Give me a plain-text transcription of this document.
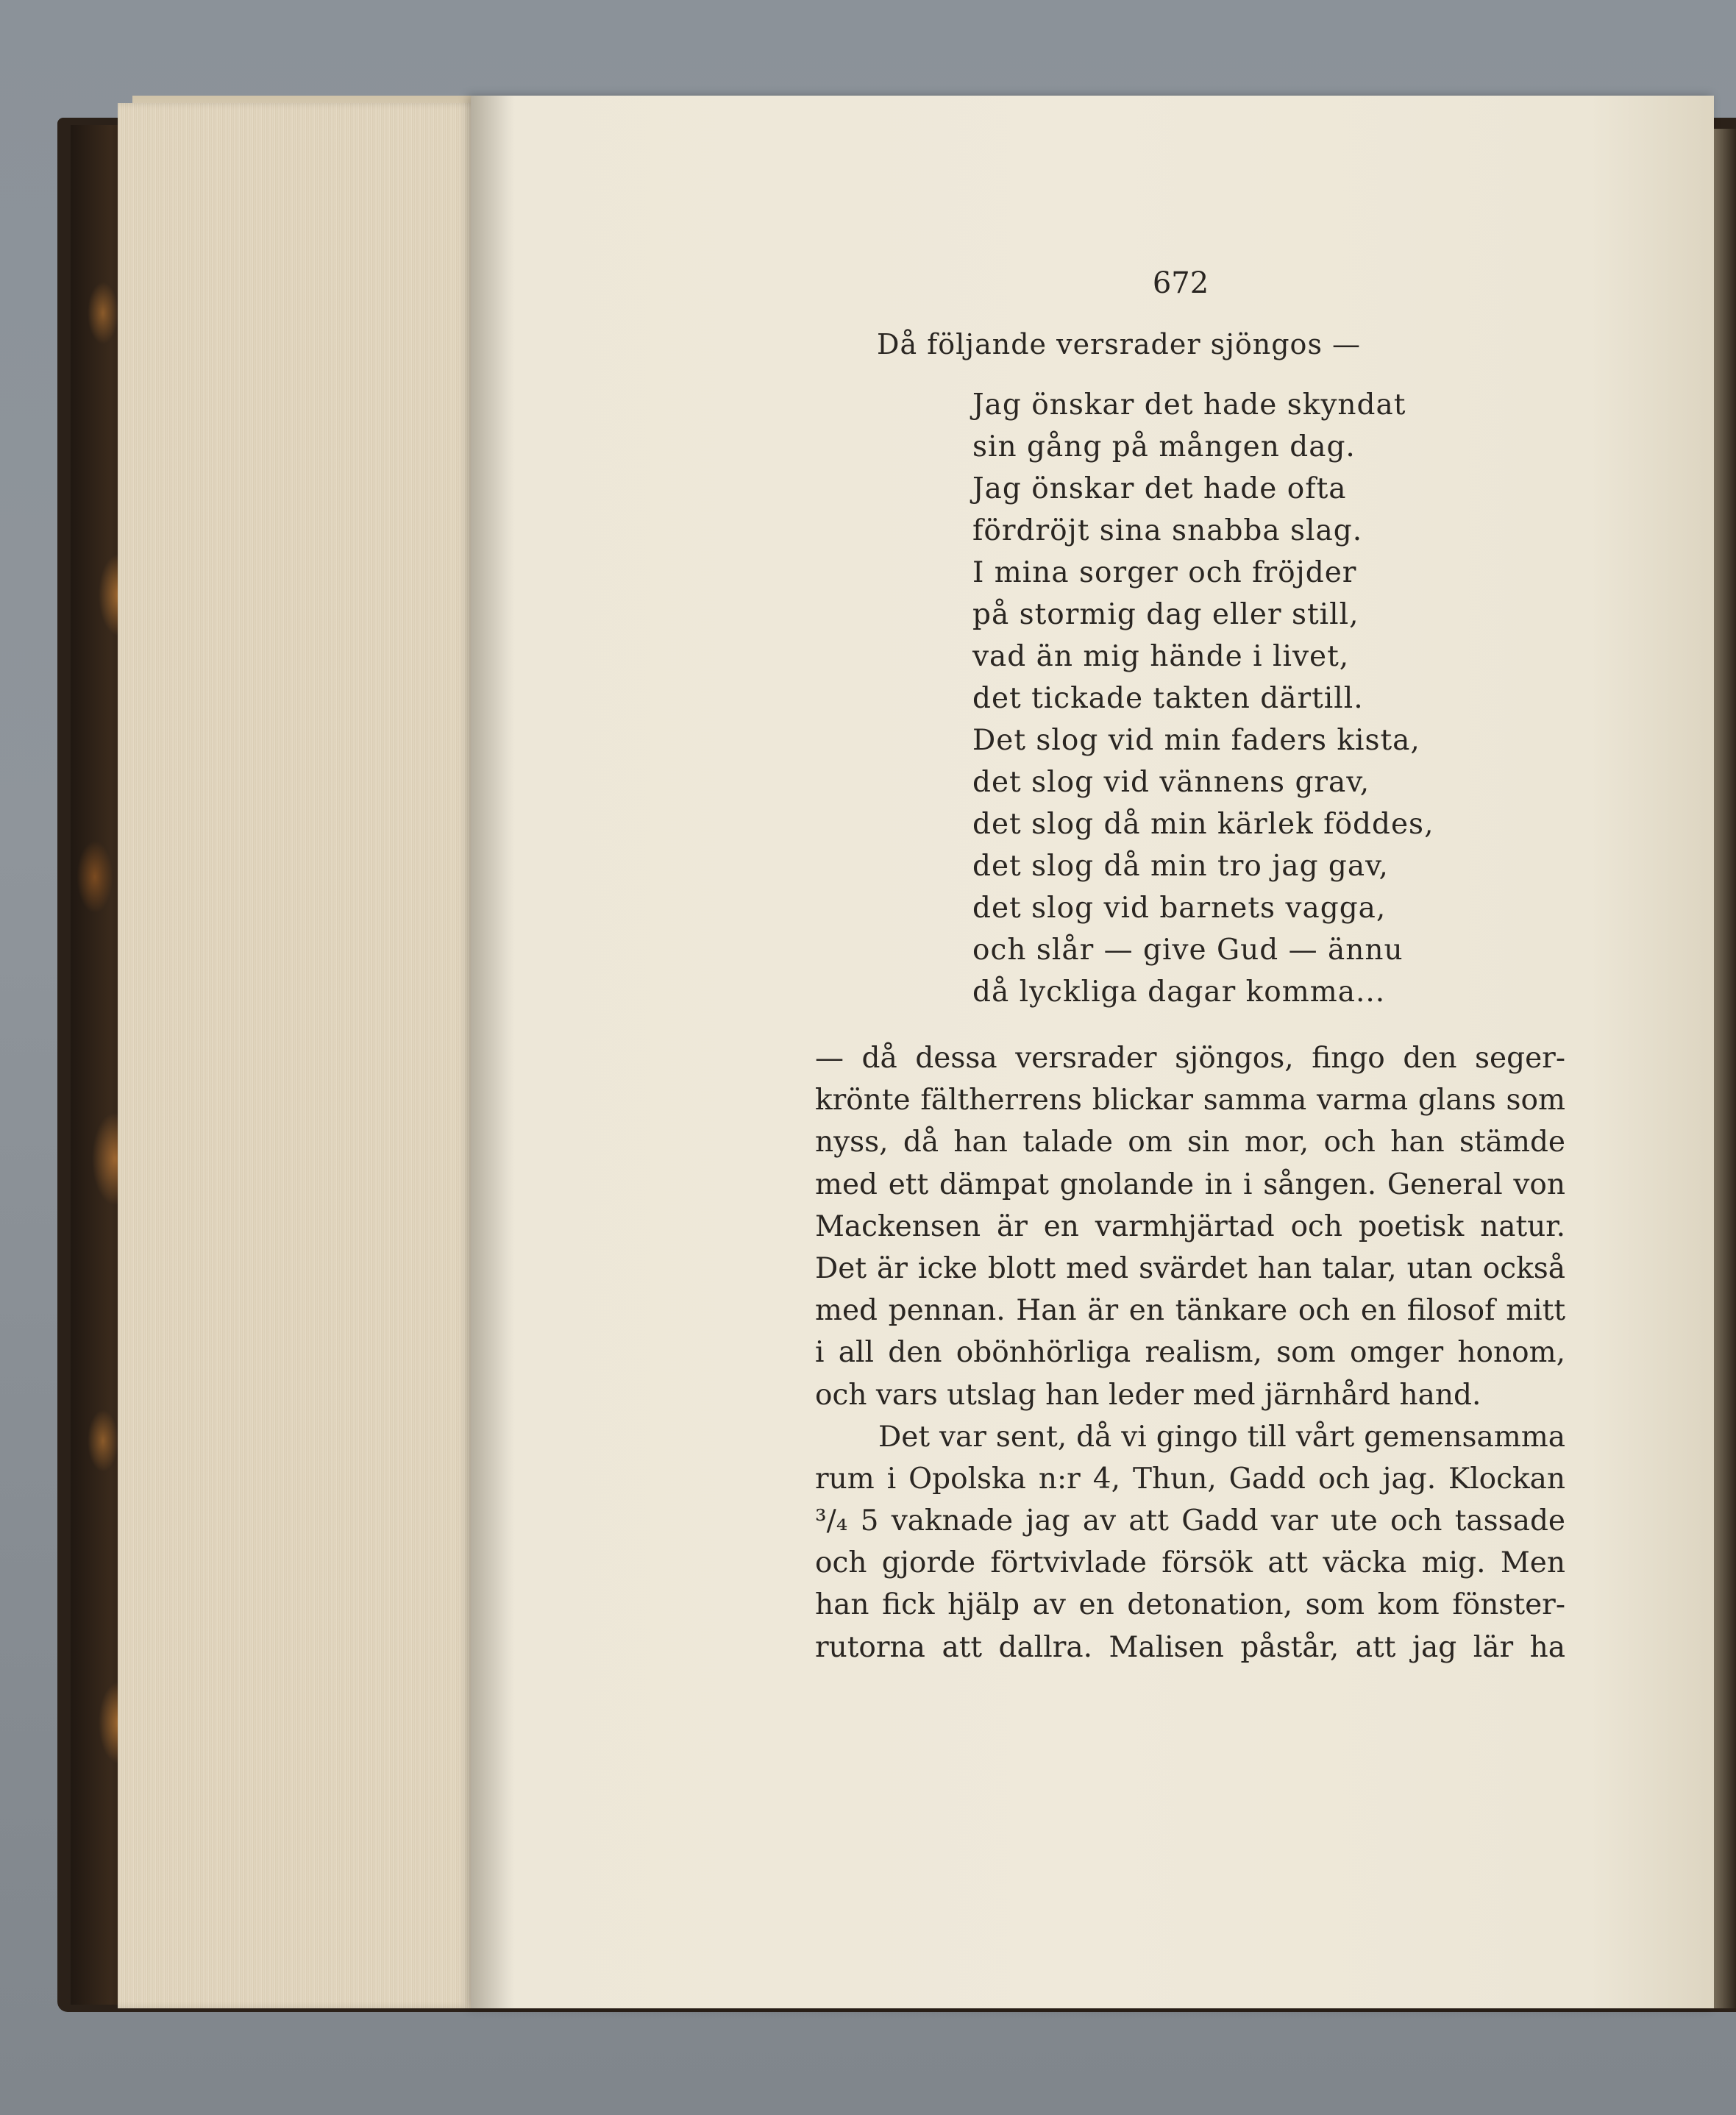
672
Då följande versrader sjöngos —
Jag önskar det hade skyndat
sin gång på mången dag.
Jag önskar det hade ofta
fördröjt sina snabba slag.
I mina sorger och fröjder
på stormig dag eller still,
vad än mig hände i livet,
det tickade takten därtill.
Det slog vid min faders kista,
det slog vid vännens grav,
det slog då min kärlek föddes,
det slog då min tro jag gav,
det slog vid barnets vagga,
och slår — give Gud — ännu
då lyckliga dagar komma...
— då dessa versrader sjöngos, fingo den seger-
krönte fältherrens blickar samma varma glans som
nyss, då han talade om sin mor, och han stämde
med ett dämpat gnolande in i sången. General von
Mackensen är en varmhjärtad och poetisk natur.
Det är icke blott med svärdet han talar, utan också
med pennan. Han är en tänkare och en filosof mitt
i all den obönhörliga realism, som omger honom,
och vars utslag han leder med järnhård hand.
Det var sent, då vi gingo till vårt gemensamma
rum i Opolska n:r 4, Thun, Gadd och jag. Klockan
³/₄ 5 vaknade jag av att Gadd var ute och tassade
och gjorde förtvivlade försök att väcka mig. Men
han fick hjälp av en detonation, som kom fönster-
rutorna att dallra. Malisen påstår, att jag lär ha
